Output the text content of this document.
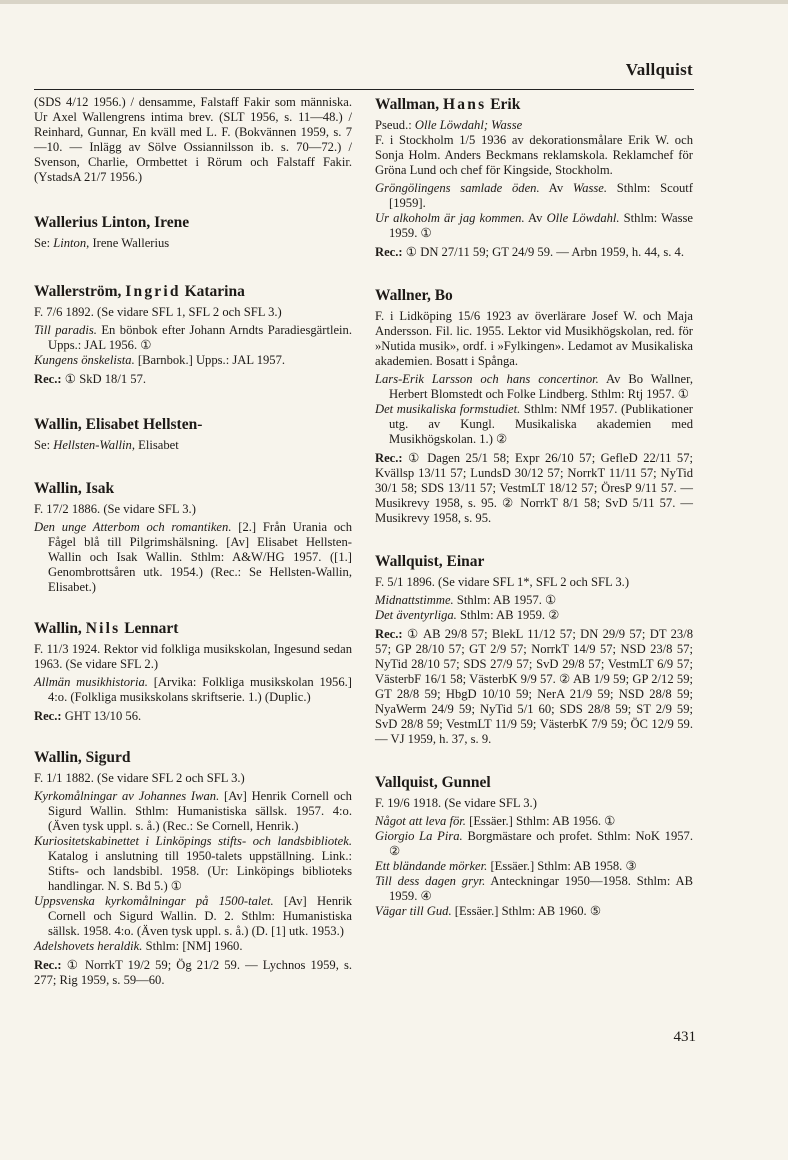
Vallquist

(SDS 4/12 1956.) / densamme, Falstaff Fakir som människa. Ur Axel Wallengrens intima brev. (SLT 1956, s. 11—48.) / Reinhard, Gunnar, En kväll med L. F. (Bokvännen 1959, s. 7—10. — Inlägg av Sölve Ossiannilsson ib. s. 70—72.) / Svenson, Charlie, Ormbettet i Rörum och Falstaff Fakir. (YstadsA 21/7 1956.)

Wallerius Linton, Irene

Se: Linton, Irene Wallerius

Wallerström, Ingrid Katarina

F. 7/6 1892. (Se vidare SFL 1, SFL 2 och SFL 3.)

Till paradis. En bönbok efter Johann Arndts Paradiesgärtlein. Upps.: JAL 1956. ①

Kungens önskelista. [Barnbok.] Upps.: JAL 1957.

Rec.: ① SkD 18/1 57.

Wallin, Elisabet Hellsten-

Se: Hellsten-Wallin, Elisabet

Wallin, Isak

F. 17/2 1886. (Se vidare SFL 3.)

Den unge Atterbom och romantiken. [2.] Från Urania och Fågel blå till Pilgrimshälsning. [Av] Elisabet Hellsten-Wallin och Isak Wallin. Sthlm: A&W/HG 1957. ([1.] Genombrottsåren utk. 1954.) (Rec.: Se Hellsten-Wallin, Elisabet.)

Wallin, Nils Lennart

F. 11/3 1924. Rektor vid folkliga musikskolan, Ingesund sedan 1963. (Se vidare SFL 2.)

Allmän musikhistoria. [Arvika: Folkliga musikskolan 1956.] 4:o. (Folkliga musikskolans skriftserie. 1.) (Duplic.)

Rec.: GHT 13/10 56.

Wallin, Sigurd

F. 1/1 1882. (Se vidare SFL 2 och SFL 3.)

Kyrkomålningar av Johannes Iwan. [Av] Henrik Cornell och Sigurd Wallin. Sthlm: Humanistiska sällsk. 1957. 4:o. (Även tysk uppl. s. å.) (Rec.: Se Cornell, Henrik.)

Kuriositetskabinettet i Linköpings stifts- och landsbibliotek. Katalog i anslutning till 1950-talets uppställning. Link.: Stifts- och landsbibl. 1958. (Ur: Linköpings biblioteks handlingar. N. S. Bd 5.) ①

Uppsvenska kyrkomålningar på 1500-talet. [Av] Henrik Cornell och Sigurd Wallin. D. 2. Sthlm: Humanistiska sällsk. 1958. 4:o. (Även tysk uppl. s. å.) (D. [1] utk. 1953.)

Adelshovets heraldik. Sthlm: [NM] 1960.

Rec.: ① NorrkT 19/2 59; Ög 21/2 59. — Lychnos 1959, s. 277; Rig 1959, s. 59—60.

Wallman, Hans Erik

Pseud.: Olle Löwdahl; Wasse

F. i Stockholm 1/5 1936 av dekorationsmålare Erik W. och Sonja Holm. Anders Beckmans reklamskola. Reklamchef för Gröna Lund och chef för Kingside, Stockholm.

Gröngölingens samlade öden. Av Wasse. Sthlm: Scoutf [1959].

Ur alkoholm är jag kommen. Av Olle Löwdahl. Sthlm: Wasse 1959. ①

Rec.: ① DN 27/11 59; GT 24/9 59. — Arbn 1959, h. 44, s. 4.

Wallner, Bo

F. i Lidköping 15/6 1923 av överlärare Josef W. och Maja Andersson. Fil. lic. 1955. Lektor vid Musikhögskolan, red. för »Nutida musik», ordf. i »Fylkingen». Ledamot av Musikaliska akademien. Bosatt i Spånga.

Lars-Erik Larsson och hans concertinor. Av Bo Wallner, Herbert Blomstedt och Folke Lindberg. Sthlm: Rtj 1957. ①

Det musikaliska formstudiet. Sthlm: NMf 1957. (Publikationer utg. av Kungl. Musikaliska akademien med Musikhögskolan. 1.) ②

Rec.: ① Dagen 25/1 58; Expr 26/10 57; GefleD 22/11 57; Kvällsp 13/11 57; LundsD 30/12 57; NorrkT 11/11 57; NyTid 30/1 58; SDS 13/11 57; VestmLT 18/12 57; ÖresP 9/11 57. — Musikrevy 1958, s. 95. ② NorrkT 8/1 58; SvD 5/11 57. — Musikrevy 1958, s. 95.

Wallquist, Einar

F. 5/1 1896. (Se vidare SFL 1*, SFL 2 och SFL 3.)

Midnattstimme. Sthlm: AB 1957. ①

Det äventyrliga. Sthlm: AB 1959. ②

Rec.: ① AB 29/8 57; BlekL 11/12 57; DN 29/9 57; DT 23/8 57; GP 28/10 57; GT 2/9 57; NorrkT 14/9 57; NSD 23/8 57; NyTid 28/10 57; SDS 27/9 57; SvD 29/8 57; VestmLT 6/9 57; VästerbF 16/1 58; VästerbK 9/9 57. ② AB 1/9 59; GP 2/12 59; GT 28/8 59; HbgD 10/10 59; NerA 21/9 59; NSD 28/8 59; NyaWerm 24/9 59; NyTid 5/1 60; SDS 28/8 59; ST 2/9 59; SvD 28/8 59; VestmLT 11/9 59; VästerbK 7/9 59; ÖC 12/9 59. — VJ 1959, h. 37, s. 9.

Vallquist, Gunnel

F. 19/6 1918. (Se vidare SFL 3.)

Något att leva för. [Essäer.] Sthlm: AB 1956. ①

Giorgio La Pira. Borgmästare och profet. Sthlm: NoK 1957. ②

Ett bländande mörker. [Essäer.] Sthlm: AB 1958. ③

Till dess dagen gryr. Anteckningar 1950—1958. Sthlm: AB 1959. ④

Vägar till Gud. [Essäer.] Sthlm: AB 1960. ⑤

431
